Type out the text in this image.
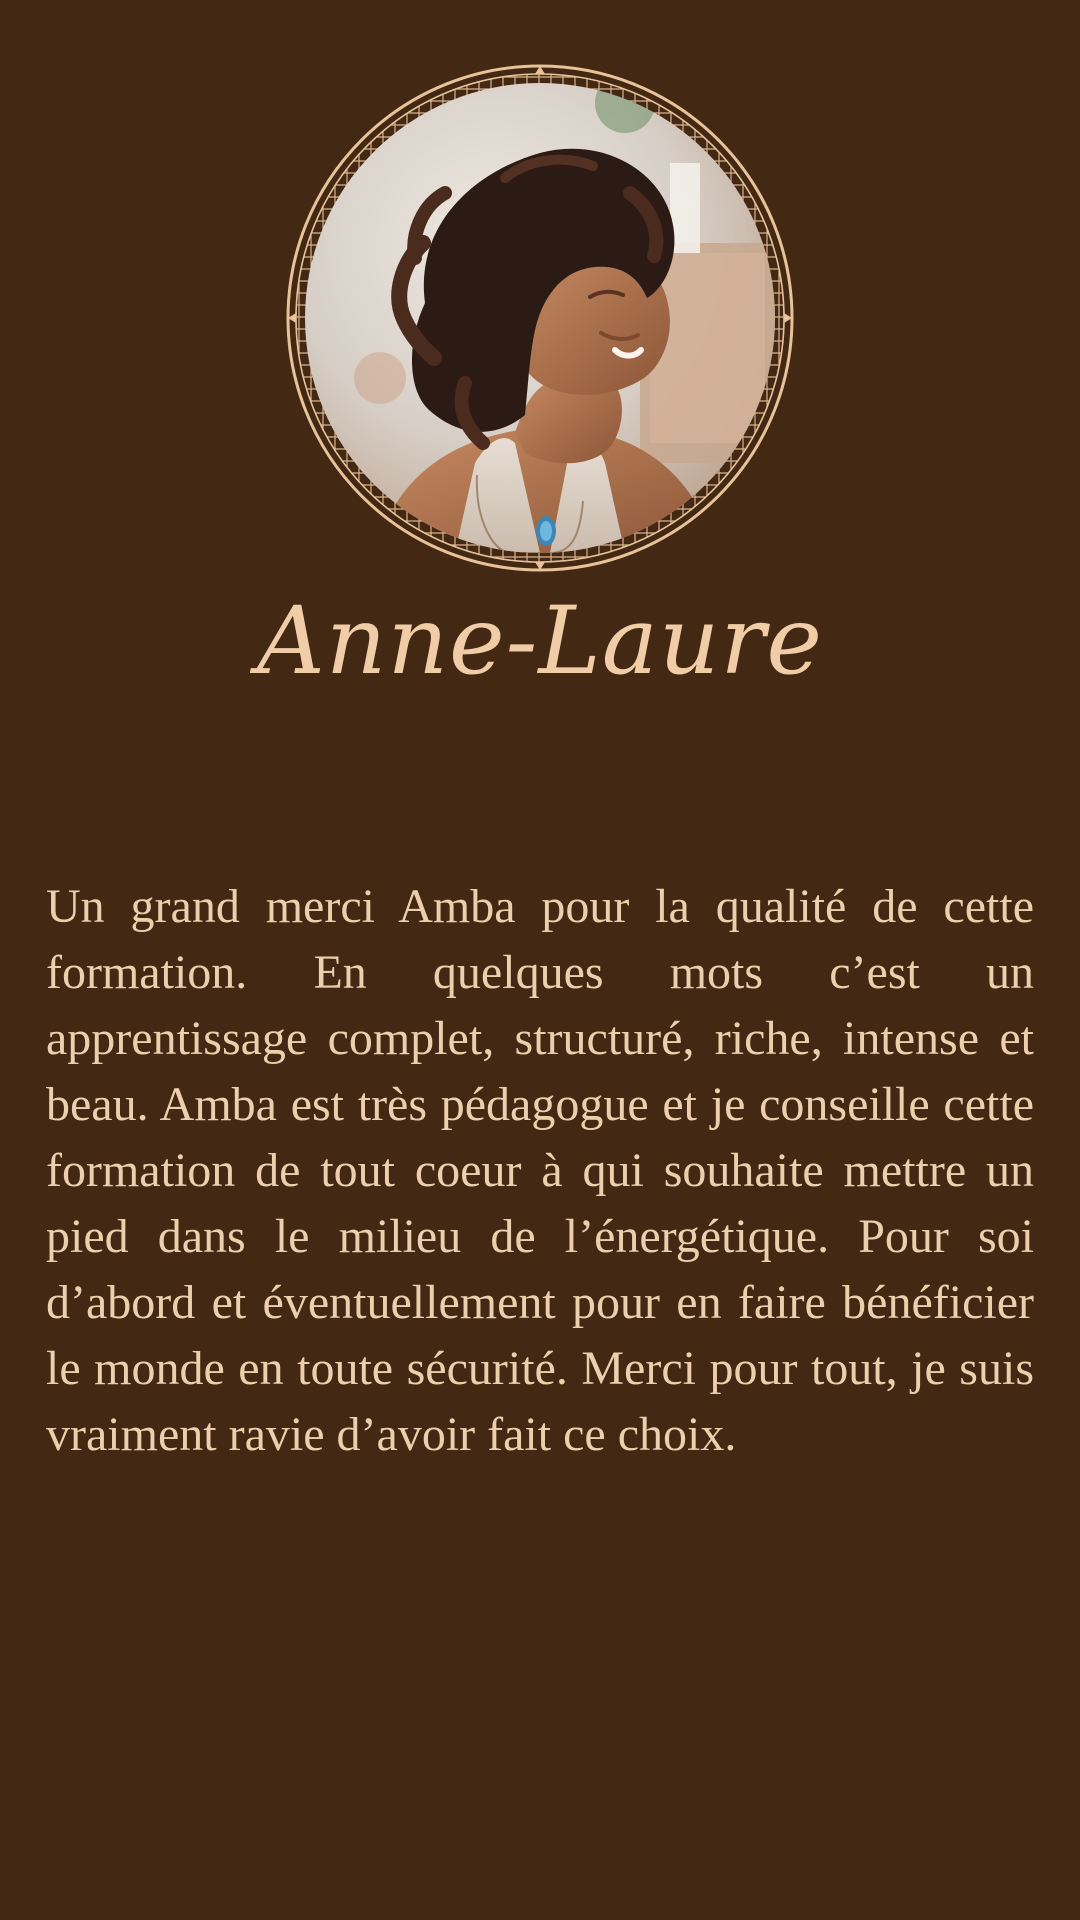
Anne-Laure

Un grand merci Amba pour la qualité de cette formation. En quelques mots c’est un apprentissage complet, structuré, riche, intense et beau. Amba est très pédagogue et je conseille cette formation de tout coeur à qui souhaite mettre un pied dans le milieu de l’énergétique. Pour soi d’abord et éventuellement pour en faire bénéficier le monde en toute sécurité. Merci pour tout, je suis vraiment ravie d’avoir fait ce choix.
